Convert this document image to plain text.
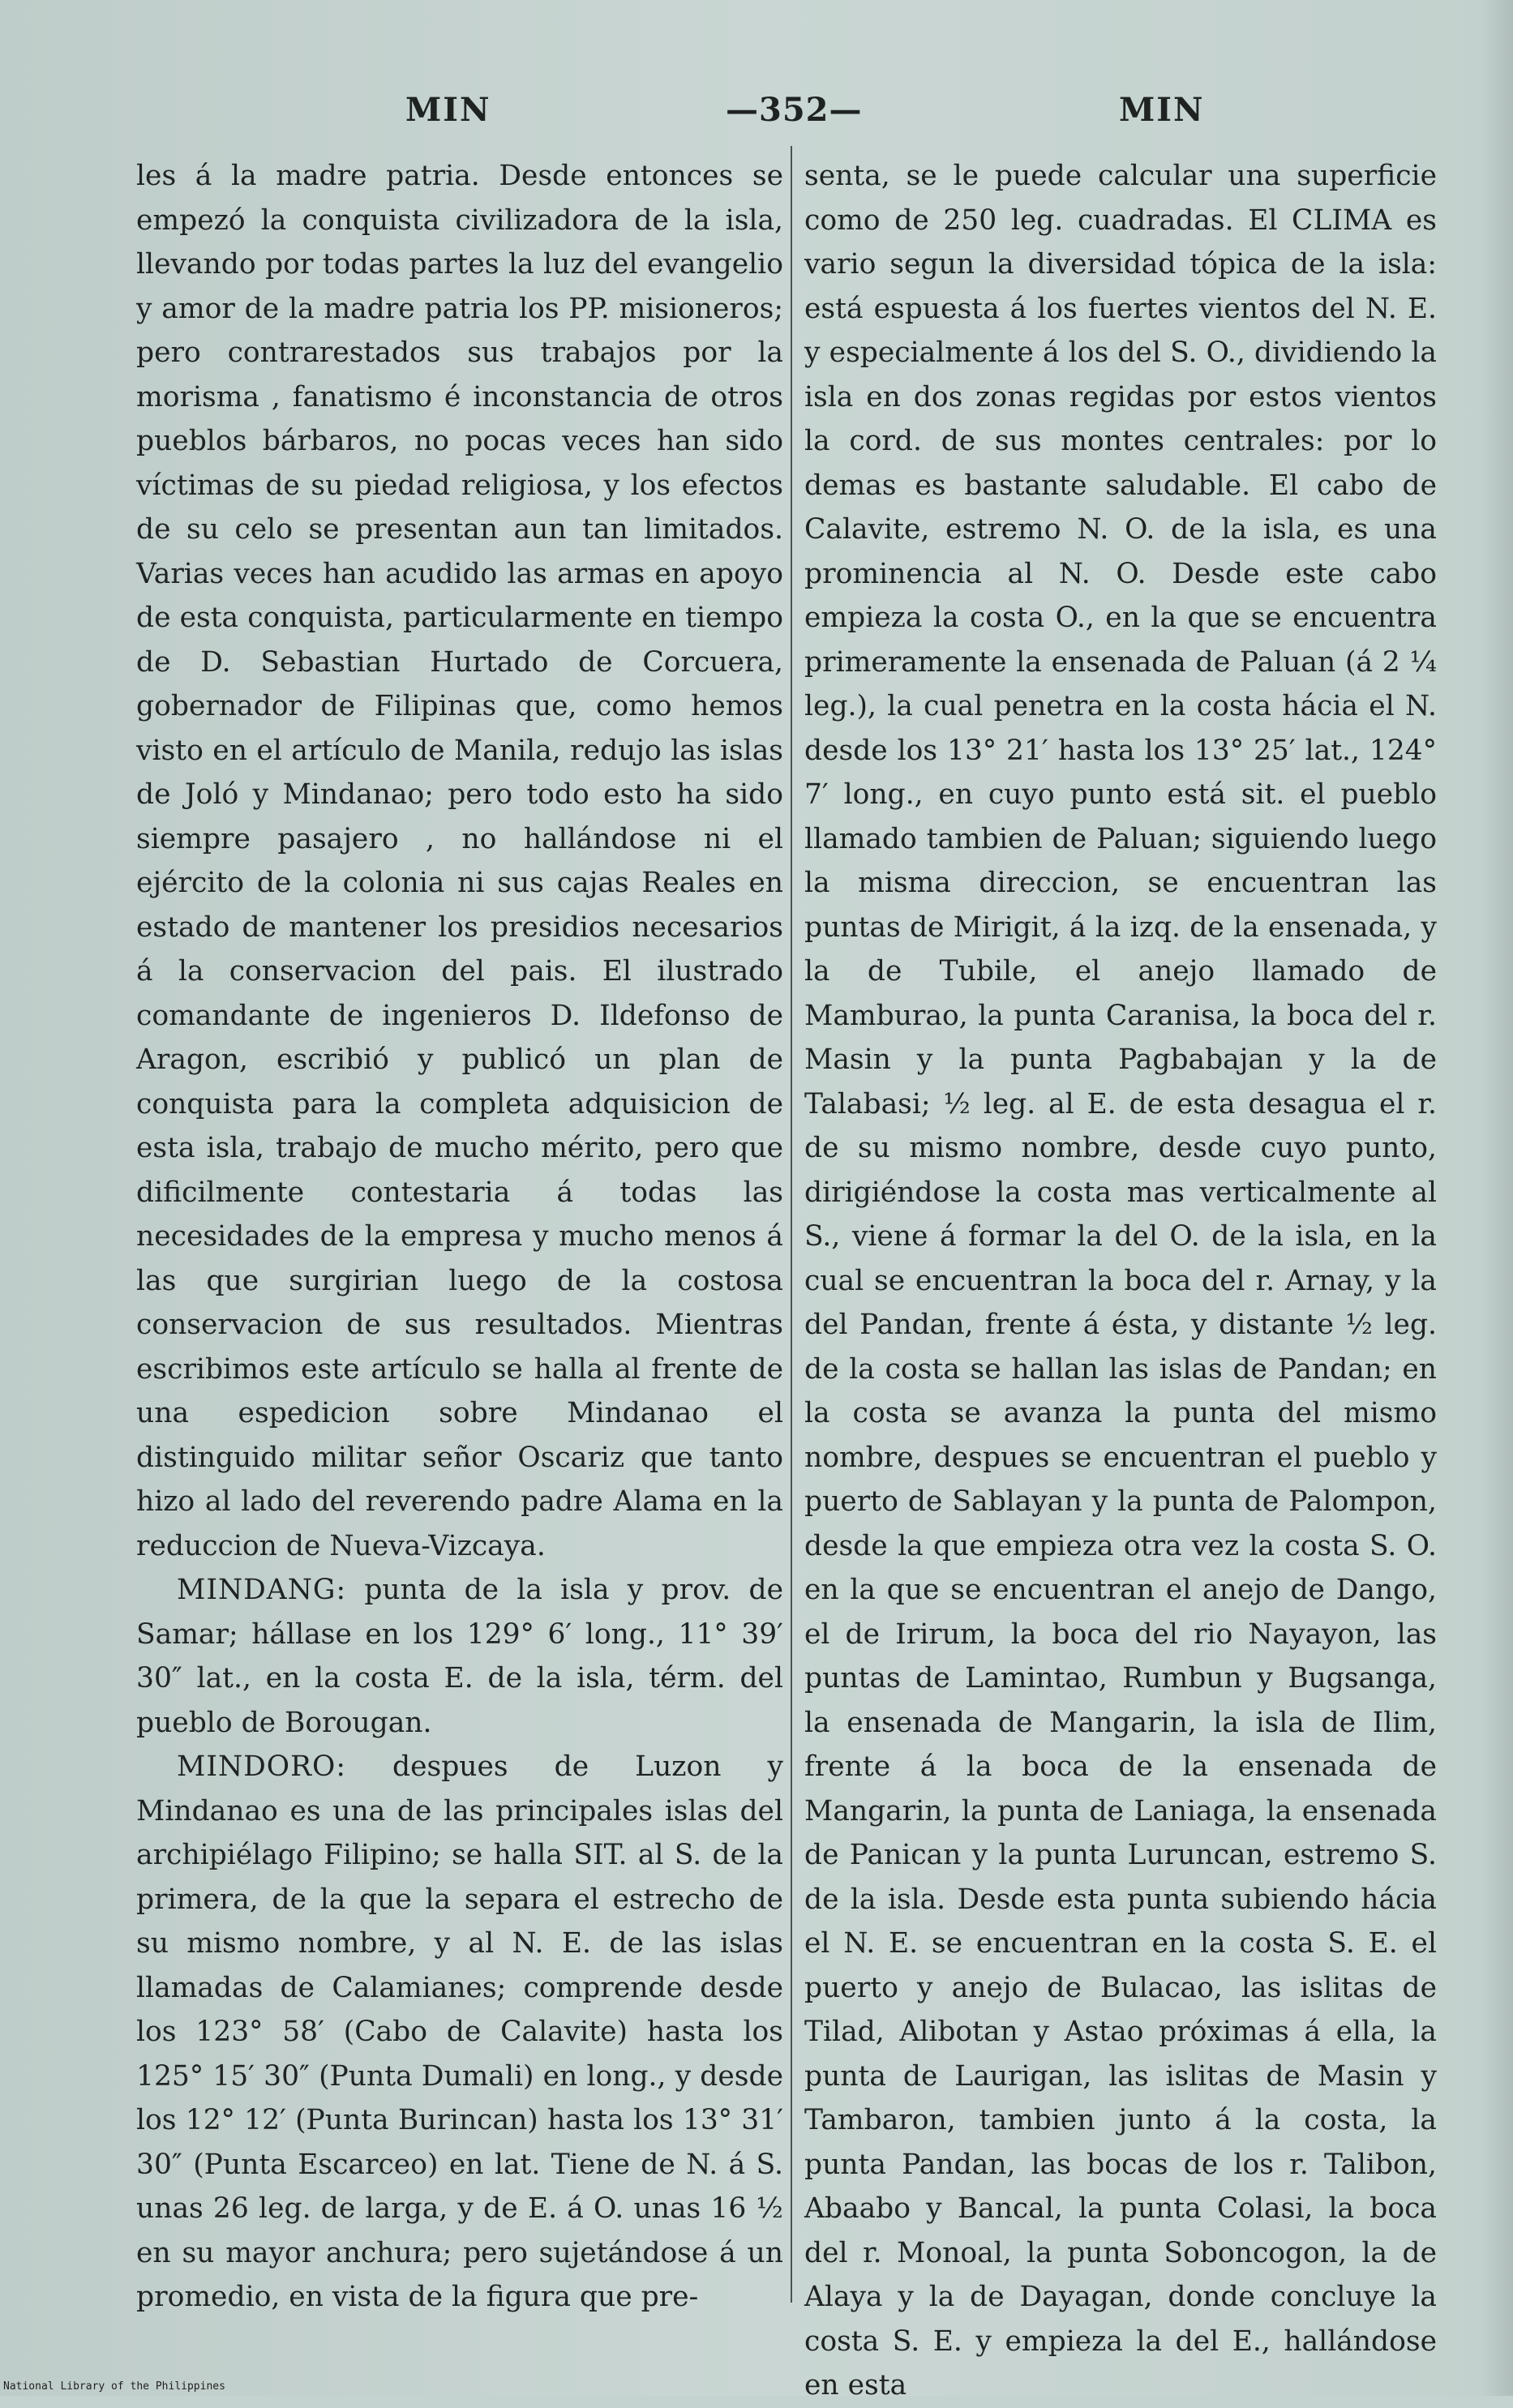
MIN	—352—	MIN

les á la madre patria. Desde entonces se empezó la conquista civilizadora de la isla, llevando por todas partes la luz del evangelio y amor de la madre patria los PP. misioneros; pero contrarestados sus trabajos por la morisma , fanatismo é inconstancia de otros pueblos bárbaros, no pocas veces han sido víctimas de su piedad religiosa, y los efectos de su celo se presentan aun tan limitados. Varias veces han acudido las armas en apoyo de esta conquista, particularmente en tiempo de D. Sebastian Hurtado de Corcuera, gobernador de Filipinas que, como hemos visto en el artículo de Manila, redujo las islas de Joló y Mindanao; pero todo esto ha sido siempre pasajero , no hallándose ni el ejército de la colonia ni sus cajas Reales en estado de mantener los presidios necesarios á la conservacion del pais. El ilustrado comandante de ingenieros D. Ildefonso de Aragon, escribió y publicó un plan de conquista para la completa adquisicion de esta isla, trabajo de mucho mérito, pero que dificilmente contestaria á todas las necesidades de la empresa y mucho menos á las que surgirian luego de la costosa conservacion de sus resultados. Mientras escribimos este artículo se halla al frente de una espedicion sobre Mindanao el distinguido militar señor Oscariz que tanto hizo al lado del reverendo padre Alama en la reduccion de Nueva-Vizcaya.

MINDANG: punta de la isla y prov. de Samar; hállase en los 129° 6′ long., 11° 39′ 30″ lat., en la costa E. de la isla, térm. del pueblo de Borougan.

MINDORO: despues de Luzon y Mindanao es una de las principales islas del archipiélago Filipino; se halla SIT. al S. de la primera, de la que la separa el estrecho de su mismo nombre, y al N. E. de las islas llamadas de Calamianes; comprende desde los 123° 58′ (Cabo de Calavite) hasta los 125° 15′ 30″ (Punta Dumali) en long., y desde los 12° 12′ (Punta Burincan) hasta los 13° 31′ 30″ (Punta Escarceo) en lat. Tiene de N. á S. unas 26 leg. de larga, y de E. á O. unas 16 ½ en su mayor anchura; pero sujetándose á un promedio, en vista de la figura que pre-

senta, se le puede calcular una superficie como de 250 leg. cuadradas. El CLIMA es vario segun la diversidad tópica de la isla: está espuesta á los fuertes vientos del N. E. y especialmente á los del S. O., dividiendo la isla en dos zonas regidas por estos vientos la cord. de sus montes centrales: por lo demas es bastante saludable. El cabo de Calavite, estremo N. O. de la isla, es una prominencia al N. O. Desde este cabo empieza la costa O., en la que se encuentra primeramente la ensenada de Paluan (á 2 ¼ leg.), la cual penetra en la costa hácia el N. desde los 13° 21′ hasta los 13° 25′ lat., 124° 7′ long., en cuyo punto está sit. el pueblo llamado tambien de Paluan; siguiendo luego la misma direccion, se encuentran las puntas de Mirigit, á la izq. de la ensenada, y la de Tubile, el anejo llamado de Mamburao, la punta Caranisa, la boca del r. Masin y la punta Pagbabajan y la de Talabasi; ½ leg. al E. de esta desagua el r. de su mismo nombre, desde cuyo punto, dirigiéndose la costa mas verticalmente al S., viene á formar la del O. de la isla, en la cual se encuentran la boca del r. Arnay, y la del Pandan, frente á ésta, y distante ½ leg. de la costa se hallan las islas de Pandan; en la costa se avanza la punta del mismo nombre, despues se encuentran el pueblo y puerto de Sablayan y la punta de Palompon, desde la que empieza otra vez la costa S. O. en la que se encuentran el anejo de Dango, el de Irirum, la boca del rio Nayayon, las puntas de Lamintao, Rumbun y Bugsanga, la ensenada de Mangarin, la isla de Ilim, frente á la boca de la ensenada de Mangarin, la punta de Laniaga, la ensenada de Panican y la punta Luruncan, estremo S. de la isla. Desde esta punta subiendo hácia el N. E. se encuentran en la costa S. E. el puerto y anejo de Bulacao, las islitas de Tilad, Alibotan y Astao próximas á ella, la punta de Laurigan, las islitas de Masin y Tambaron, tambien junto á la costa, la punta Pandan, las bocas de los r. Talibon, Abaabo y Bancal, la punta Colasi, la boca del r. Monoal, la punta Soboncogon, la de Alaya y la de Dayagan, donde concluye la costa S. E. y empieza la del E., hallándose en esta

National Library of the Philippines
